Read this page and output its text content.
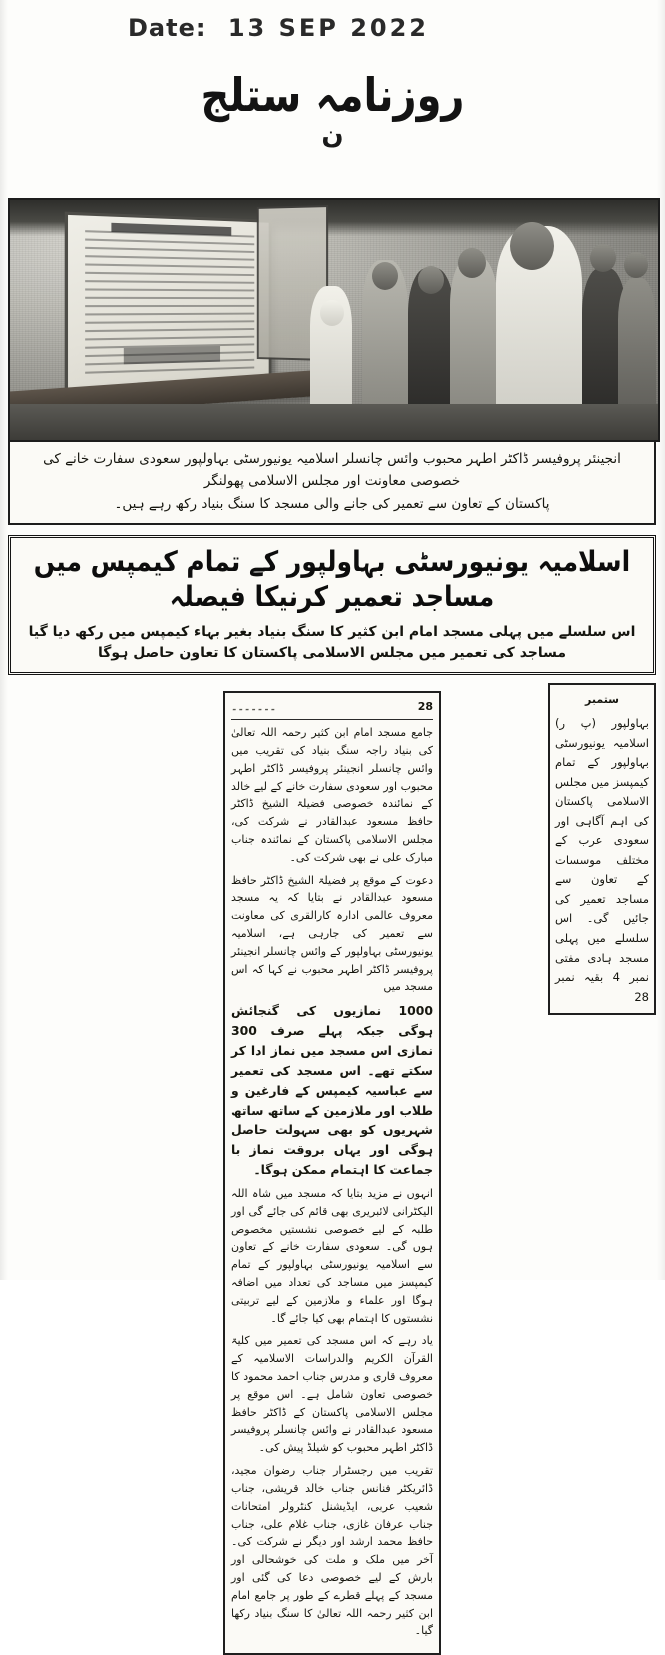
Date: 13 SEP 2022
روزنامہ ستلج
ن
انجینئر پروفیسر ڈاکٹر اطہر محبوب وائس چانسلر اسلامیہ یونیورسٹی بہاولپور سعودی سفارت خانے کی خصوصی معاونت اور مجلس الاسلامی پھولنگر
پاکستان کے تعاون سے تعمیر کی جانے والی مسجد کا سنگ بنیاد رکھ رہے ہیں۔
اسلامیہ یونیورسٹی بہاولپور کے تمام کیمپس میں مساجد تعمیر کرنیکا فیصلہ
اس سلسلے میں پہلی مسجد امام ابن کثیر کا سنگ بنیاد بغیر بہاء کیمپس میں رکھ دیا گیا مساجد کی تعمیر میں مجلس الاسلامی پاکستان کا تعاون حاصل ہوگا
ستمبر
بہاولپور (پ ر) اسلامیہ یونیورسٹی بہاولپور کے تمام کیمپسز میں مجلس الاسلامی پاکستان کی اہم آگاہی اور سعودی عرب کے مختلف موسسات کے تعاون سے مساجد تعمیر کی جائیں گی۔ اس سلسلے میں پہلی مسجد ہادی مفتی نمبر 4 بقیہ نمبر 28
28
۔۔۔۔۔۔۔

جامع مسجد امام ابن کثیر رحمہ اللہ تعالیٰ کی بنیاد راجہ سنگ بنیاد کی تقریب میں وائس چانسلر انجینئر پروفیسر ڈاکٹر اطہر محبوب اور سعودی سفارت خانے کے لیے خالد کے نمائندہ خصوصی فضیلۃ الشیخ ڈاکٹر حافظ مسعود عبدالقادر نے شرکت کی، مجلس الاسلامی پاکستان کے نمائندہ جناب مبارک علی نے بھی شرکت کی۔

دعوت کے موقع پر فضیلۃ الشیخ ڈاکٹر حافظ مسعود عبدالقادر نے بتایا کہ یہ مسجد معروف عالمی ادارہ کارالقری کی معاونت سے تعمیر کی جارہی ہے، اسلامیہ یونیورسٹی بہاولپور کے وائس چانسلر انجینئر پروفیسر ڈاکٹر اطہر محبوب نے کہا کہ اس مسجد میں

1000 نمازیوں کی گنجائش ہوگی جبکہ پہلے صرف 300 نمازی اس مسجد میں نماز ادا کر سکتے تھے۔ اس مسجد کی تعمیر سے عباسیہ کیمپس کے فارغین و طلاب اور ملازمین کے ساتھ ساتھ شہریوں کو بھی سہولت حاصل ہوگی اور یہاں بروقت نماز با جماعت کا اہتمام ممکن ہوگا۔

انہوں نے مزید بتایا کہ مسجد میں شاہ اللہ الیکٹرانی لائبریری بھی قائم کی جائے گی اور طلبہ کے لیے خصوصی نشستیں مخصوص ہوں گی۔ سعودی سفارت خانے کے تعاون سے اسلامیہ یونیورسٹی بہاولپور کے تمام کیمپسز میں مساجد کی تعداد میں اضافہ ہوگا اور علماء و ملازمین کے لیے تربیتی نشستوں کا اہتمام بھی کیا جائے گا۔

یاد رہے کہ اس مسجد کی تعمیر میں کلیۃ القرآن الکریم والدراسات الاسلامیہ کے معروف قاری و مدرس جناب احمد محمود کا خصوصی تعاون شامل ہے۔ اس موقع پر مجلس الاسلامی پاکستان کے ڈاکٹر حافظ مسعود عبدالقادر نے وائس چانسلر پروفیسر ڈاکٹر اطہر محبوب کو شیلڈ پیش کی۔

تقریب میں رجسٹرار جناب رضوان مجید، ڈائریکٹر فنانس جناب خالد قریشی، جناب شعیب عربی، ایڈیشنل کنٹرولر امتحانات جناب عرفان غازی، جناب غلام علی، جناب حافظ محمد ارشد اور دیگر نے شرکت کی۔ آخر میں ملک و ملت کی خوشحالی اور بارش کے لیے خصوصی دعا کی گئی اور مسجد کے پہلے قطرے کے طور پر جامع امام ابن کثیر رحمہ اللہ تعالیٰ کا سنگ بنیاد رکھا گیا۔
